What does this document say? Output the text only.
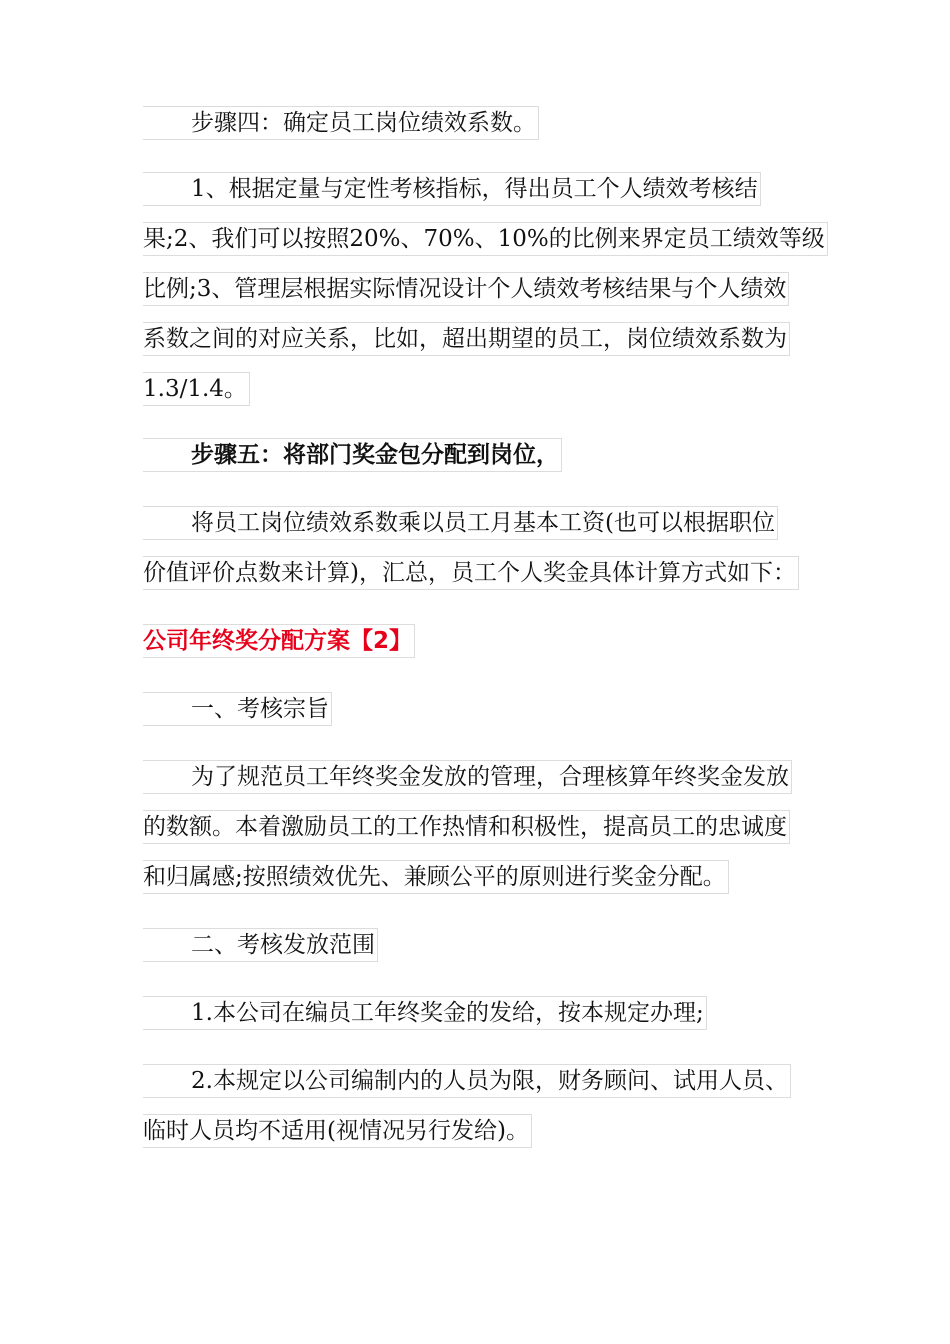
步骤四：确定员工岗位绩效系数。
1、根据定量与定性考核指标，得出员工个人绩效考核结
果;2、我们可以按照20%、70%、10%的比例来界定员工绩效等级
比例;3、管理层根据实际情况设计个人绩效考核结果与个人绩效
系数之间的对应关系，比如，超出期望的员工，岗位绩效系数为
1.3/1.4。
步骤五：将部门奖金包分配到岗位，
将员工岗位绩效系数乘以员工月基本工资(也可以根据职位
价值评价点数来计算)，汇总，员工个人奖金具体计算方式如下：
公司年终奖分配方案【2】
一、考核宗旨
为了规范员工年终奖金发放的管理，合理核算年终奖金发放
的数额。本着激励员工的工作热情和积极性，提高员工的忠诚度
和归属感;按照绩效优先、兼顾公平的原则进行奖金分配。
二、考核发放范围
1.本公司在编员工年终奖金的发给，按本规定办理;
2.本规定以公司编制内的人员为限，财务顾问、试用人员、
临时人员均不适用(视情况另行发给)。
